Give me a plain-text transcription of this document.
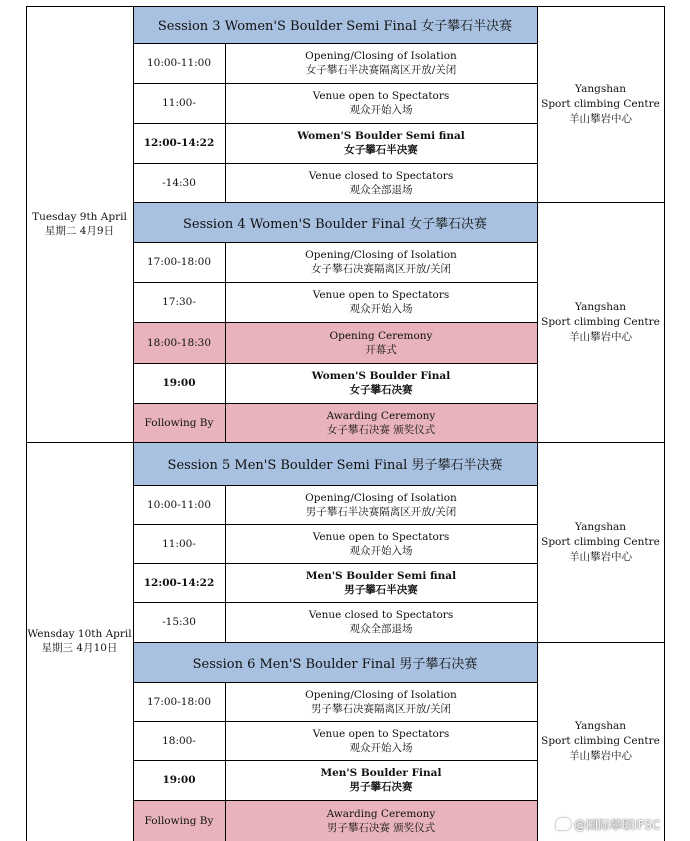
Tuesday 9th April
星期二 4月9日
Wensday 10th April
星期三 4月10日
Yangshan
Sport climbing Centre
羊山攀岩中心
Yangshan
Sport climbing Centre
羊山攀岩中心
Yangshan
Sport climbing Centre
羊山攀岩中心
Yangshan
Sport climbing Centre
羊山攀岩中心
Session 3 Women'S Boulder Semi Final 女子攀石半决赛
10:00-11:00
Opening/Closing of Isolation
女子攀石半决赛隔离区开放/关闭
11:00-
Venue open to Spectators
观众开始入场
12:00-14:22
Women'S Boulder Semi final
女子攀石半决赛
-14:30
Venue closed to Spectators
观众全部退场
Session 4 Women'S Boulder Final 女子攀石决赛
17:00-18:00
Opening/Closing of Isolation
女子攀石决赛隔离区开放/关闭
17:30-
Venue open to Spectators
观众开始入场
18:00-18:30
Opening Ceremony
开幕式
19:00
Women'S Boulder Final
女子攀石决赛
Following By
Awarding Ceremony
女子攀石决赛 颁奖仪式
Session 5 Men'S Boulder Semi Final 男子攀石半决赛
10:00-11:00
Opening/Closing of Isolation
男子攀石半决赛隔离区开放/关闭
11:00-
Venue open to Spectators
观众开始入场
12:00-14:22
Men'S Boulder Semi final
男子攀石半决赛
-15:30
Venue closed to Spectators
观众全部退场
Session 6 Men'S Boulder Final 男子攀石决赛
17:00-18:00
Opening/Closing of Isolation
男子攀石决赛隔离区开放/关闭
18:00-
Venue open to Spectators
观众开始入场
19:00
Men'S Boulder Final
男子攀石决赛
Following By
Awarding Ceremony
男子攀石决赛 颁奖仪式	@国际攀联IFSC
